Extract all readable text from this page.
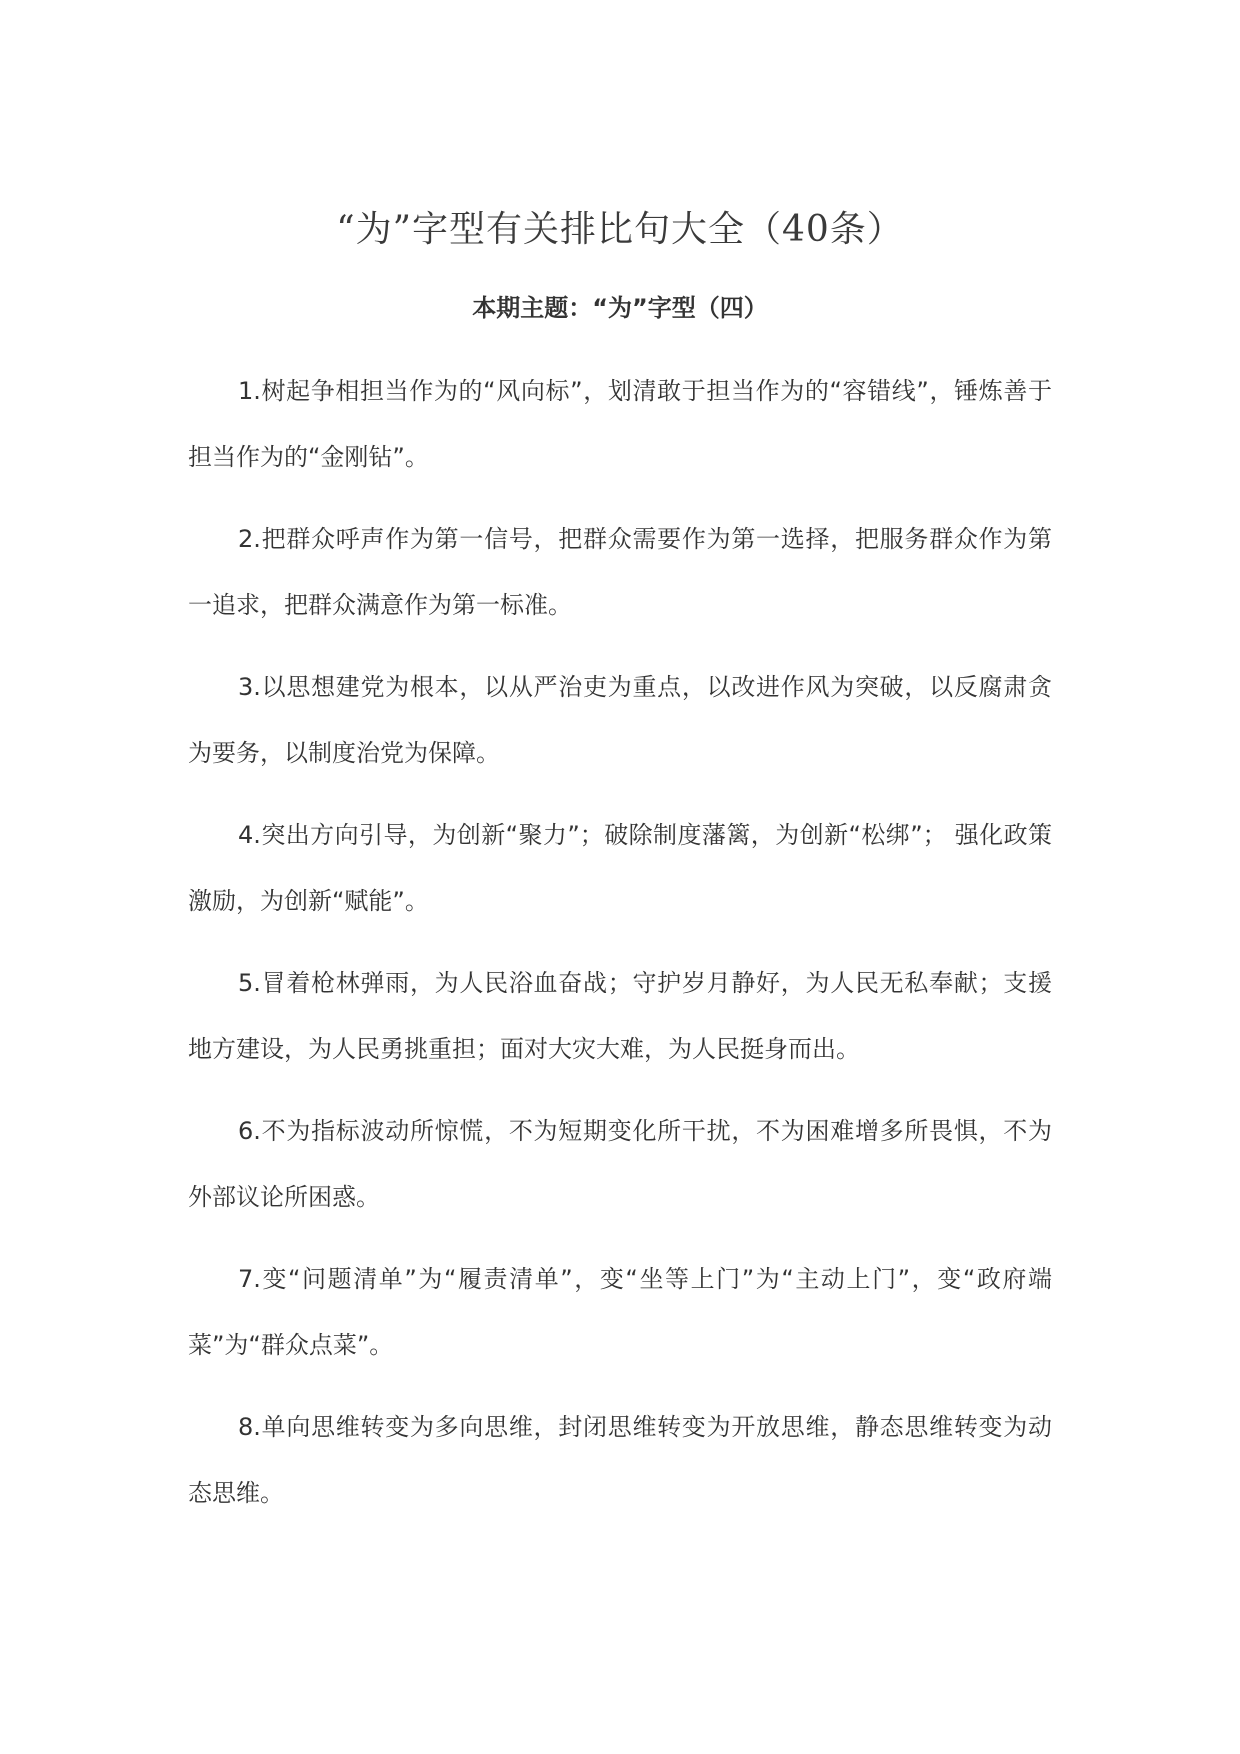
“为”字型有关排比句大全（40条）
本期主题：“为”字型（四）

1.树起争相担当作为的“风向标”，划清敢于担当作为的“容错线”，锤炼善于担当作为的“金刚钻”。

2.把群众呼声作为第一信号，把群众需要作为第一选择，把服务群众作为第一追求，把群众满意作为第一标准。

3.以思想建党为根本，以从严治吏为重点，以改进作风为突破，以反腐肃贪为要务，以制度治党为保障。

4.突出方向引导，为创新“聚力”；破除制度藩篱，为创新“松绑”； 强化政策激励，为创新“赋能”。

5.冒着枪林弹雨，为人民浴血奋战；守护岁月静好，为人民无私奉献；支援地方建设，为人民勇挑重担；面对大灾大难，为人民挺身而出。

6.不为指标波动所惊慌，不为短期变化所干扰，不为困难增多所畏惧，不为外部议论所困惑。

7.变“问题清单”为“履责清单”，变“坐等上门”为“主动上门”，变“政府端菜”为“群众点菜”。

8.单向思维转变为多向思维，封闭思维转变为开放思维，静态思维转变为动态思维。
